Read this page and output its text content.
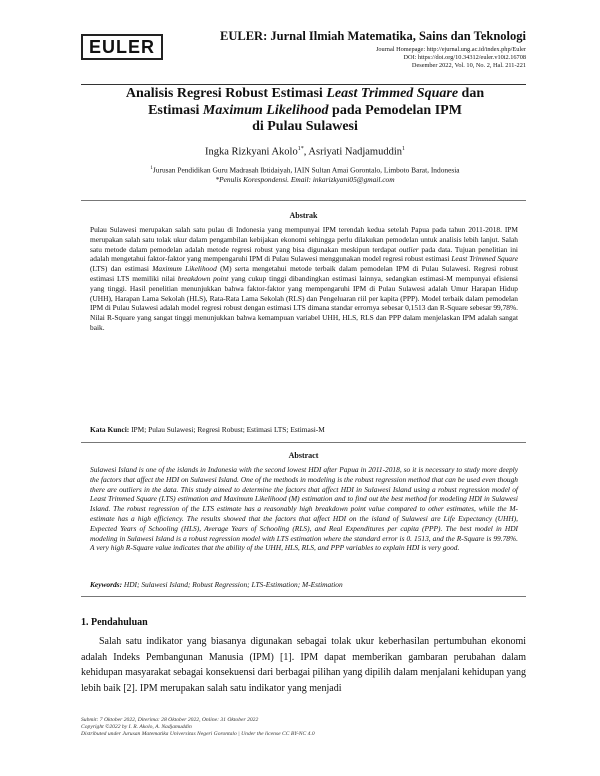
EULER
EULER: Jurnal Ilmiah Matematika, Sains dan Teknologi
Journal Homepage: http://ejurnal.ung.ac.id/index.php/Euler
DOI: https://doi.org/10.34312/euler.v10i2.16708
Desember 2022, Vol. 10, No. 2, Hal. 211-221
Analisis Regresi Robust Estimasi Least Trimmed Square dan
Estimasi Maximum Likelihood pada Pemodelan IPM
di Pulau Sulawesi
Ingka Rizkyani Akolo$^{1*}$, Asriyati Nadjamuddin$^1$
$^1$Jurusan Pendidikan Guru Madrasah Ibtidaiyah, IAIN Sultan Amai Gorontalo, Limboto Barat, Indonesia
*Penulis Korespondensi. Email: inkarizkyani05@gmail.com
Abstrak
Pulau Sulawesi merupakan salah satu pulau di Indonesia yang mempunyai IPM terendah kedua setelah Papua pada tahun 2011-2018. IPM merupakan salah satu tolak ukur dalam pengambilan kebijakan ekonomi sehingga perlu dilakukan pemodelan untuk analisis lebih lanjut. Salah satu metode dalam pemodelan adalah metode regresi robust yang bisa digunakan meskipun terdapat outlier pada data. Tujuan penelitian ini adalah mengetahui faktor-faktor yang mempengaruhi IPM di Pulau Sulawesi menggunakan model regresi robust estimasi Least Trimmed Square (LTS) dan estimasi Maximum Likelihood (M) serta mengetahui metode terbaik dalam pemodelan IPM di Pulau Sulawesi. Regresi robust estimasi LTS memiliki nilai breakdown point yang cukup tinggi dibandingkan estimasi lainnya, sedangkan estimasi-M mempunyai efisiensi yang tinggi. Hasil penelitian menunjukkan bahwa faktor-faktor yang mempengaruhi IPM di Pulau Sulawesi adalah Umur Harapan Hidup (UHH), Harapan Lama Sekolah (HLS), Rata-Rata Lama Sekolah (RLS) dan Pengeluaran riil per kapita (PPP). Model terbaik dalam pemodelan IPM di Pulau Sulawesi adalah model regresi robust dengan estimasi LTS dimana standar errornya sebesar 0,1513 dan R-Square sebesar 99,78%. Nilai R-Square yang sangat tinggi menunjukkan bahwa kemampuan variabel UHH, HLS, RLS dan PPP dalam menjelaskan IPM adalah sangat baik.
Kata Kunci: IPM; Pulau Sulawesi; Regresi Robust; Estimasi LTS; Estimasi-M
Abstract
Sulawesi Island is one of the islands in Indonesia with the second lowest HDI after Papua in 2011-2018, so it is necessary to study more deeply the factors that affect the HDI on Sulawesi Island. One of the methods in modeling is the robust regression method that can be used even though there are outliers in the data. This study aimed to determine the factors that affect HDI in Sulawesi Island using a robust regression model of Least Trimmed Square (LTS) estimation and Maximum Likelihood (M) estimation and to find out the best method for modeling HDI in Sulawesi Island. The robust regression of the LTS estimate has a reasonably high breakdown point value compared to other estimates, while the M-estimate has a high efficiency. The results showed that the factors that affect HDI on the island of Sulawesi are Life Expectancy (UHH), Expected Years of Schooling (HLS), Average Years of Schooling (RLS), and Real Expenditures per capita (PPP). The best model in HDI modeling in Sulawesi Island is a robust regression model with LTS estimation where the standard error is 0. 1513, and the R-Square is 99.78%. A very high R-Square value indicates that the ability of the UHH, HLS, RLS, and PPP variables to explain HDI is very good.
Keywords: HDI; Sulawesi Island; Robust Regression; LTS-Estimation; M-Estimation
1. Pendahuluan
Salah satu indikator yang biasanya digunakan sebagai tolak ukur keberhasilan pertumbuhan ekonomi adalah Indeks Pembangunan Manusia (IPM) [1]. IPM dapat memberikan gambaran perubahan dalam kehidupan masyarakat sebagai konsekuensi dari berbagai pilihan yang dipilih dalam menjalani kehidupan yang lebih baik [2]. IPM merupakan salah satu indikator yang menjadi
Submit: 7 Oktober 2022, Diterima: 28 Oktober 2022, Online: 31 Oktober 2022
Copyright ©2022 by I. R. Akolo, A. Nadjamuddin
Distributed under Jurusan Matematika Universitas Negeri Gorontalo | Under the license CC BY-NC 4.0
